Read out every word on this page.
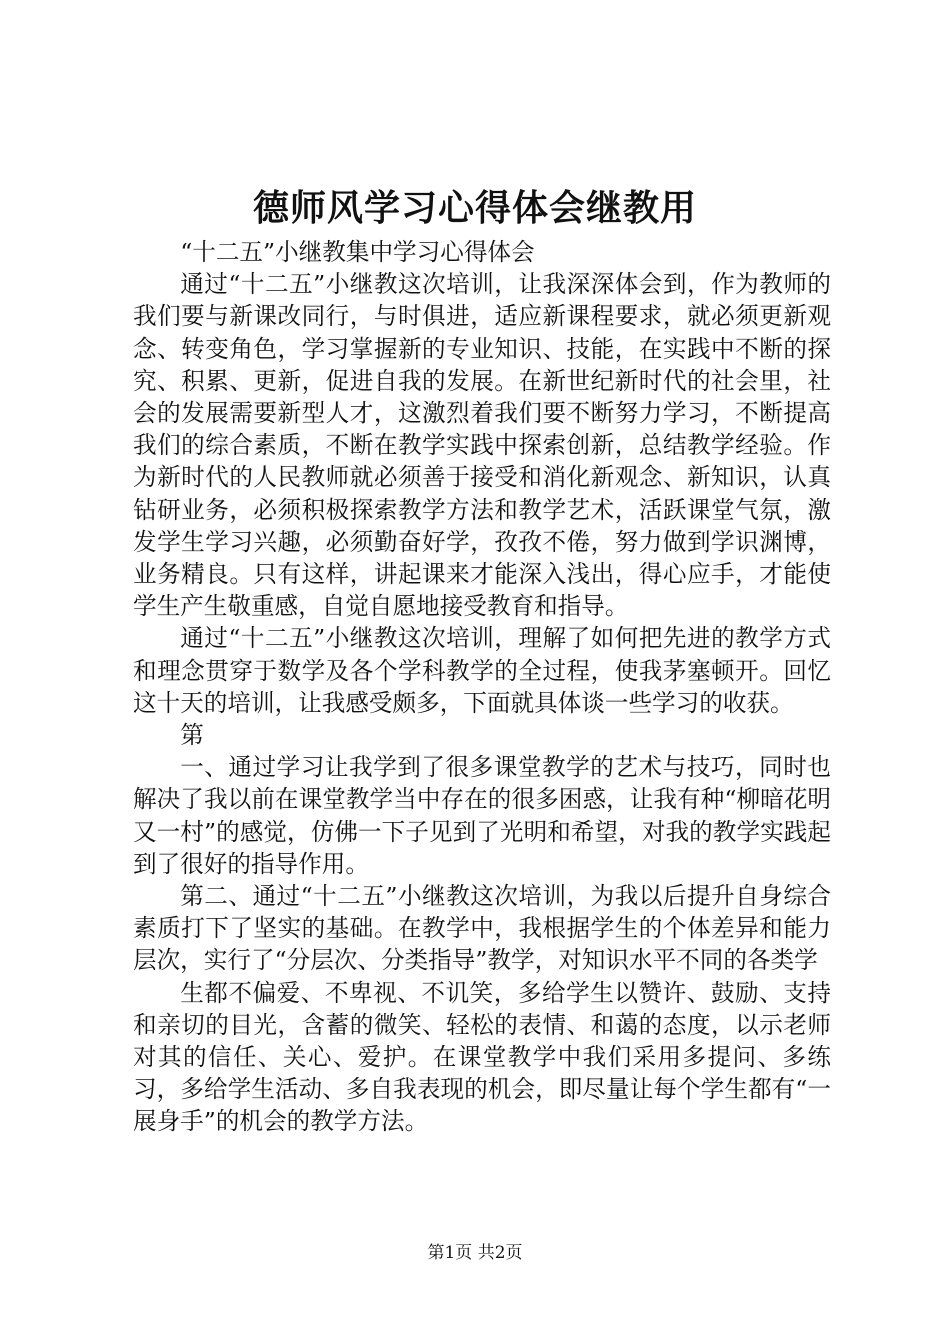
德师风学习心得体会继教用

“十二五”小继教集中学习心得体会

通过“十二五”小继教这次培训，让我深深体会到，作为教师的我们要与新课改同行，与时俱进，适应新课程要求，就必须更新观念、转变角色，学习掌握新的专业知识、技能，在实践中不断的探究、积累、更新，促进自我的发展。在新世纪新时代的社会里，社会的发展需要新型人才，这激烈着我们要不断努力学习，不断提高我们的综合素质，不断在教学实践中探索创新，总结教学经验。作为新时代的人民教师就必须善于接受和消化新观念、新知识，认真钻研业务，必须积极探索教学方法和教学艺术，活跃课堂气氛，激发学生学习兴趣，必须勤奋好学，孜孜不倦，努力做到学识渊博，业务精良。只有这样，讲起课来才能深入浅出，得心应手，才能使学生产生敬重感，自觉自愿地接受教育和指导。

通过“十二五”小继教这次培训，理解了如何把先进的教学方式和理念贯穿于数学及各个学科教学的全过程，使我茅塞顿开。回忆这十天的培训，让我感受颇多，下面就具体谈一些学习的收获。

第

一、通过学习让我学到了很多课堂教学的艺术与技巧，同时也解决了我以前在课堂教学当中存在的很多困惑，让我有种“柳暗花明又一村”的感觉，仿佛一下子见到了光明和希望，对我的教学实践起到了很好的指导作用。

第二、通过“十二五”小继教这次培训，为我以后提升自身综合素质打下了坚实的基础。在教学中，我根据学生的个体差异和能力层次，实行了“分层次、分类指导”教学，对知识水平不同的各类学

生都不偏爱、不卑视、不讥笑，多给学生以赞许、鼓励、支持和亲切的目光，含蓄的微笑、轻松的表情、和蔼的态度，以示老师对其的信任、关心、爱护。在课堂教学中我们采用多提问、多练习，多给学生活动、多自我表现的机会，即尽量让每个学生都有“一展身手”的机会的教学方法。

第1页 共2页
